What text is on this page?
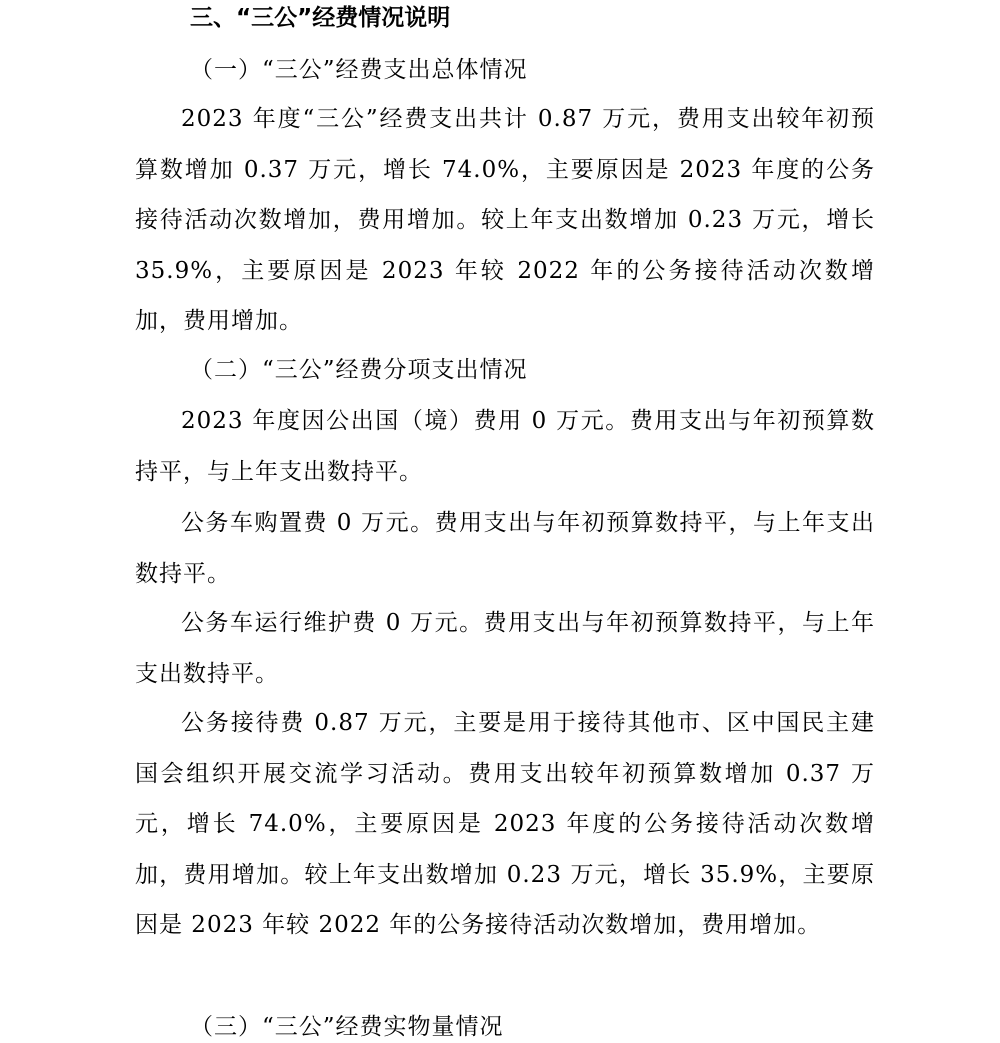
三、“三公”经费情况说明
（一）“三公”经费支出总体情况
2023 年度“三公”经费支出共计 0.87 万元，费用支出较年初预算数增加 0.37 万元，增长 74.0%，主要原因是 2023 年度的公务接待活动次数增加，费用增加。较上年支出数增加 0.23 万元，增长 35.9%，主要原因是 2023 年较 2022 年的公务接待活动次数增加，费用增加。
（二）“三公”经费分项支出情况
2023 年度因公出国（境）费用 0 万元。费用支出与年初预算数持平，与上年支出数持平。
公务车购置费 0 万元。费用支出与年初预算数持平，与上年支出数持平。
公务车运行维护费 0 万元。费用支出与年初预算数持平，与上年支出数持平。
公务接待费 0.87 万元，主要是用于接待其他市、区中国民主建国会组织开展交流学习活动。费用支出较年初预算数增加 0.37 万元，增长 74.0%，主要原因是 2023 年度的公务接待活动次数增加，费用增加。较上年支出数增加 0.23 万元，增长 35.9%，主要原因是 2023 年较 2022 年的公务接待活动次数增加，费用增加。
（三）“三公”经费实物量情况
